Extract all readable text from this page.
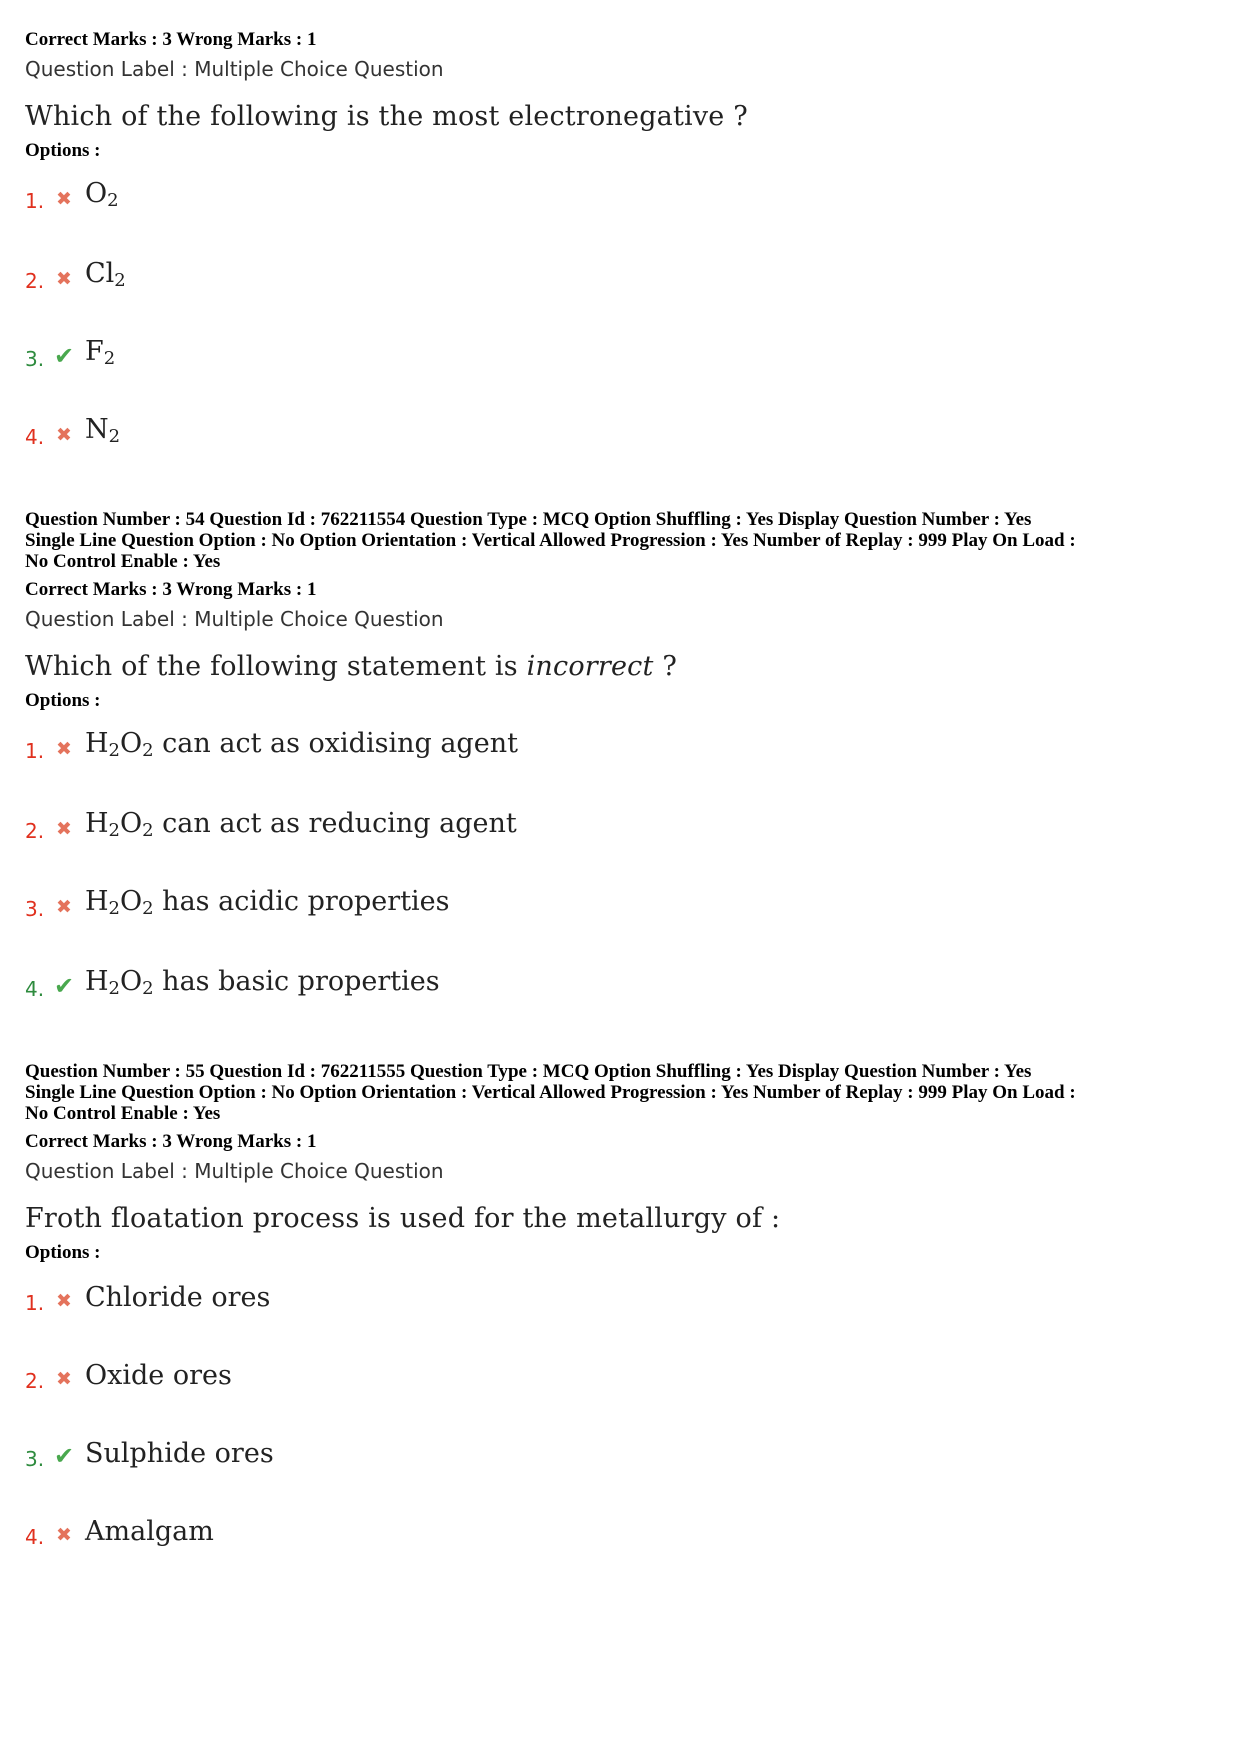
Correct Marks : 3 Wrong Marks : 1

Question Label : Multiple Choice Question

Which of the following is the most electronegative ?

Options :

1. ✖ $O_2$
2. ✖ $Cl_2$
3. ✔ $F_2$
4. ✖ $N_2$

Question Number : 54 Question Id : 762211554 Question Type : MCQ Option Shuffling : Yes Display Question Number : Yes

Single Line Question Option : No Option Orientation : Vertical Allowed Progression : Yes Number of Replay : 999 Play On Load :

No Control Enable : Yes

Correct Marks : 3 Wrong Marks : 1

Question Label : Multiple Choice Question

Which of the following statement is incorrect ?

Options :

1. ✖ $H_2O_2$ can act as oxidising agent
2. ✖ $H_2O_2$ can act as reducing agent
3. ✖ $H_2O_2$ has acidic properties
4. ✔ $H_2O_2$ has basic properties

Question Number : 55 Question Id : 762211555 Question Type : MCQ Option Shuffling : Yes Display Question Number : Yes

Single Line Question Option : No Option Orientation : Vertical Allowed Progression : Yes Number of Replay : 999 Play On Load :

No Control Enable : Yes

Correct Marks : 3 Wrong Marks : 1

Question Label : Multiple Choice Question

Froth floatation process is used for the metallurgy of :

Options :

1. ✖ Chloride ores
2. ✖ Oxide ores
3. ✔ Sulphide ores
4. ✖ Amalgam
